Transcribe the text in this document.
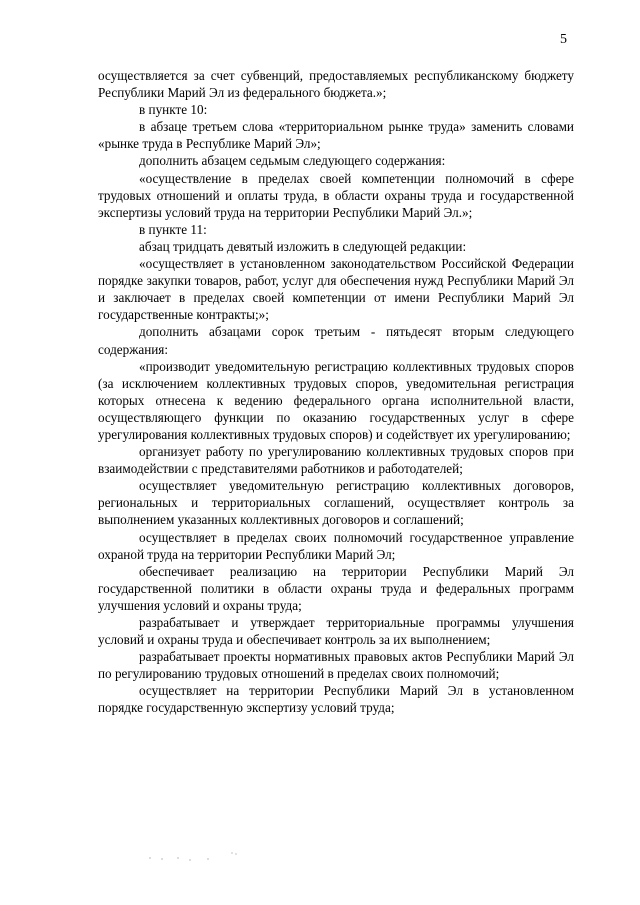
5

осуществляется за счет субвенций, предоставляемых республиканскому бюджету Республики Марий Эл из федерального бюджета.»;

в пункте 10:

в абзаце третьем слова «территориальном рынке труда» заменить словами «рынке труда в Республике Марий Эл»;

дополнить абзацем седьмым следующего содержания:

«осуществление в пределах своей компетенции полномочий в сфере трудовых отношений и оплаты труда, в области охраны труда и государственной экспертизы условий труда на территории Республики Марий Эл.»;

в пункте 11:

абзац тридцать девятый изложить в следующей редакции:

«осуществляет в установленном законодательством Российской Федерации порядке закупки товаров, работ, услуг для обеспечения нужд Республики Марий Эл и заключает в пределах своей компетенции от имени Республики Марий Эл государственные контракты;»;

дополнить абзацами сорок третьим - пятьдесят вторым следующего содержания:

«производит уведомительную регистрацию коллективных трудовых споров (за исключением коллективных трудовых споров, уведомительная регистрация которых отнесена к ведению федерального органа исполнительной власти, осуществляющего функции по оказанию государственных услуг в сфере урегулирования коллективных трудовых споров) и содействует их урегулированию;

организует работу по урегулированию коллективных трудовых споров при взаимодействии с представителями работников и работодателей;

осуществляет уведомительную регистрацию коллективных договоров, региональных и территориальных соглашений, осуществляет контроль за выполнением указанных коллективных договоров и соглашений;

осуществляет в пределах своих полномочий государственное управление охраной труда на территории Республики Марий Эл;

обеспечивает реализацию на территории Республики Марий Эл государственной политики в области охраны труда и федеральных программ улучшения условий и охраны труда;

разрабатывает и утверждает территориальные программы улучшения условий и охраны труда и обеспечивает контроль за их выполнением;

разрабатывает проекты нормативных правовых актов Республики Марий Эл по регулированию трудовых отношений в пределах своих полномочий;

осуществляет на территории Республики Марий Эл в установленном порядке государственную экспертизу условий труда;
